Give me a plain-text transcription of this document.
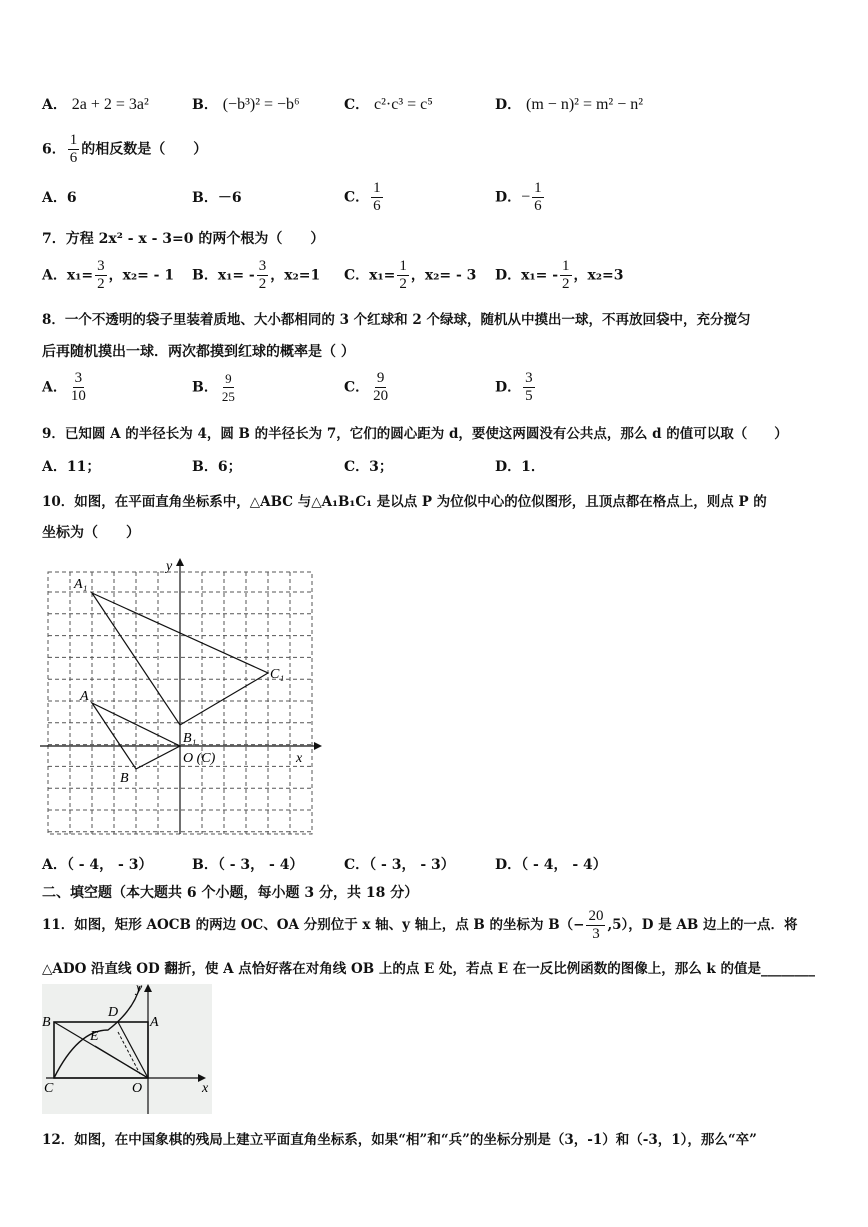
A． 2a + 2 = 3a²	B． (−b³)² = −b⁶	C． c²·c³ = c⁵	D． (m − n)² = m² − n²
6． $\frac{1}{6}$ 的相反数是（　　）
A．6	B．－6	C． $\frac{1}{6}$	D．− $\frac{1}{6}$
7．方程 2x² - x - 3=0 的两个根为（　　）
A．$x_1= \frac{3}{2}$ ，x₂= - 1 B．$x_1= - \frac{3}{2}$ ，x₂=1 C．$x_1= \frac{1}{2}$ ，x₂= - 3 D．$x_1= - \frac{1}{2}$ ，x₂=3
8．一个不透明的袋子里装着质地、大小都相同的 3 个红球和 2 个绿球，随机从中摸出一球，不再放回袋中，充分搅匀
后再随机摸出一球．两次都摸到红球的概率是（ ）
A． $\frac{3}{10}$	B． $\frac{9}{25}$	C． $\frac{9}{20}$	D． $\frac{3}{5}$
9．已知圆 A 的半径长为 4，圆 B 的半径长为 7，它们的圆心距为 d，要使这两圆没有公共点，那么 d 的值可以取（　　）
A．11；	B．6；	C．3；	D．1．
10．如图，在平面直角坐标系中，△ABC 与△A₁B₁C₁ 是以点 P 为位似中心的位似图形，且顶点都在格点上，则点 P 的
坐标为（　　）
y
x
A₁
C₁
A
B₁
B
O (C)
A．（ - 4， - 3）	B．（ - 3， - 4）	C．（ - 3， - 3）	D．（ - 4， - 4）
二、填空题（本大题共 6 个小题，每小题 3 分，共 18 分）
11．如图，矩形 AOCB 的两边 OC、OA 分别位于 x 轴、y 轴上，点 B 的坐标为 $B(- \frac{20}{3} ,5)$，D 是 AB 边上的一点．将
△ADO 沿直线 OD 翻折，使 A 点恰好落在对角线 OB 上的点 E 处，若点 E 在一反比例函数的图像上，那么 k 的值是________
y
x
B
D
A
E
C	O
12．如图，在中国象棋的残局上建立平面直角坐标系，如果“相”和“兵”的坐标分别是（3，-1）和（-3，1），那么“卒”
